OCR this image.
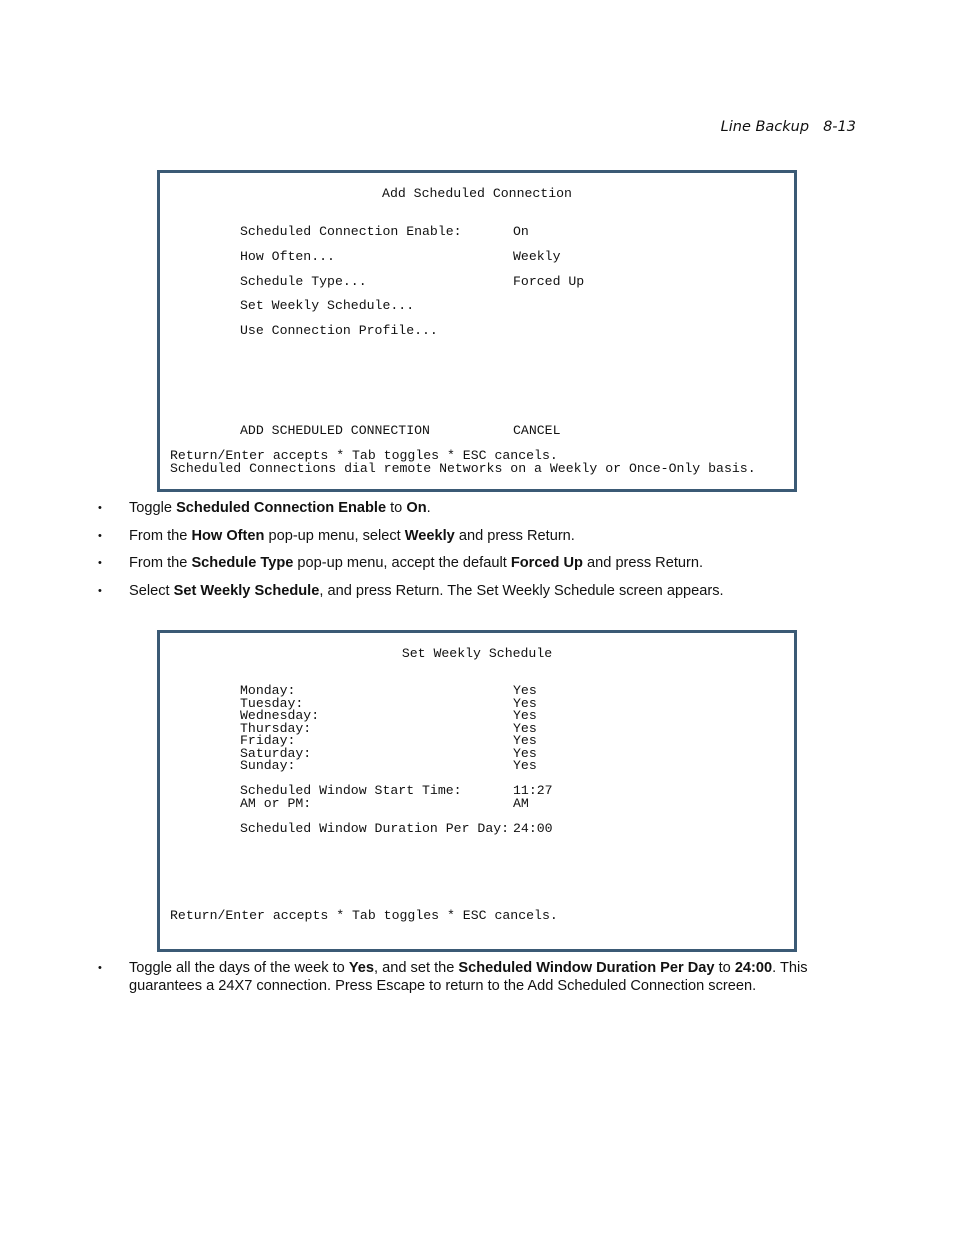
Line Backup 8-13
Add Scheduled Connection
Scheduled Connection Enable:	On
How Often...	Weekly
Schedule Type...	Forced Up
Set Weekly Schedule...
Use Connection Profile...
ADD SCHEDULED CONNECTION	CANCEL
Return/Enter accepts * Tab toggles * ESC cancels.
Scheduled Connections dial remote Networks on a Weekly or Once-Only basis.
• Toggle Scheduled Connection Enable to On.
• From the How Often pop-up menu, select Weekly and press Return.
• From the Schedule Type pop-up menu, accept the default Forced Up and press Return.
• Select Set Weekly Schedule, and press Return. The Set Weekly Schedule screen appears.
Set Weekly Schedule
Monday:	Yes
Tuesday:	Yes
Wednesday:	Yes
Thursday:	Yes
Friday:	Yes
Saturday:	Yes
Sunday:	Yes
Scheduled Window Start Time:	11:27
AM or PM:	AM
Scheduled Window Duration Per Day: 24:00
Return/Enter accepts * Tab toggles * ESC cancels.
• Toggle all the days of the week to Yes, and set the Scheduled Window Duration Per Day to 24:00. This guarantees a 24X7 connection. Press Escape to return to the Add Scheduled Connection screen.
